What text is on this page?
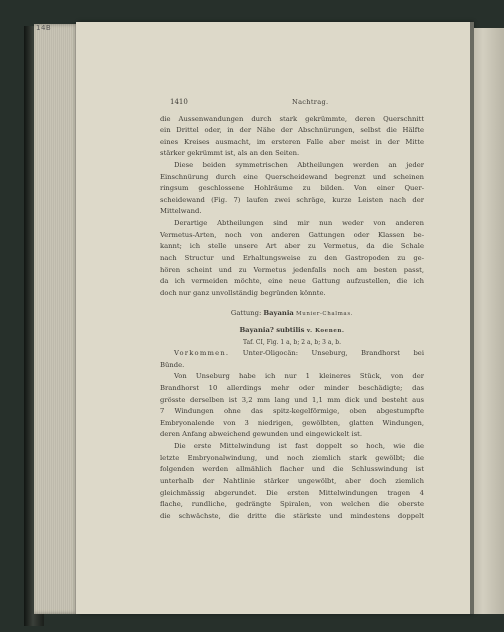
14B
1410	Nachtrag.
die Aussenwandungen durch stark gekrümmte, deren Querschnitt
ein Drittel oder, in der Nähe der Abschnürungen, selbst die Hälfte
eines Kreises ausmacht, im ersteren Falle aber meist in der Mitte
stärker gekrümmt ist, als an den Seiten.
Diese beiden symmetrischen Abtheilungen werden an jeder
Einschnürung durch eine Querscheidewand begrenzt und scheinen
ringsum geschlossene Hohlräume zu bilden. Von einer Quer-
scheidewand (Fig. 7) laufen zwei schräge, kurze Leisten nach der
Mittelwand.
Derartige Abtheilungen sind mir nun weder von anderen
Vermetus-Arten, noch von anderen Gattungen oder Klassen be-
kannt; ich stelle unsere Art aber zu Vermetus, da die Schale
nach Structur und Erhaltungsweise zu den Gastropoden zu ge-
hören scheint und zu Vermetus jedenfalls noch am besten passt,
da ich vermeiden möchte, eine neue Gattung aufzustellen, die ich
doch nur ganz unvollständig begründen könnte.
Gattung: Bayania Munier-Chalmas.
Bayania? subtilis v. Koenen.
Taf. CI, Fig. 1 a, b; 2 a, b; 3 a, b.
Vorkommen. Unter-Oligocän: Unseburg, Brandhorst bei
Bünde.
Von Unseburg habe ich nur 1 kleineres Stück, von der
Brandhorst 10 allerdings mehr oder minder beschädigte; das
grösste derselben ist 3,2 mm lang und 1,1 mm dick und besteht aus
7 Windungen ohne das spitz-kegelförmige, oben abgestumpfte
Embryonalende von 3 niedrigen, gewölbten, glatten Windungen,
deren Anfang abweichend gewunden und eingewickelt ist.
Die erste Mittelwindung ist fast doppelt so hoch, wie die
letzte Embryonalwindung, und noch ziemlich stark gewölbt; die
folgenden werden allmählich flacher und die Schlusswindung ist
unterhalb der Nahtlinie stärker ungewölbt, aber doch ziemlich
gleichmässig abgerundet. Die ersten Mittelwindungen tragen 4
flache, rundliche, gedrängte Spiralen, von welchen die oberste
die schwächste, die dritte die stärkste und mindestens doppelt
